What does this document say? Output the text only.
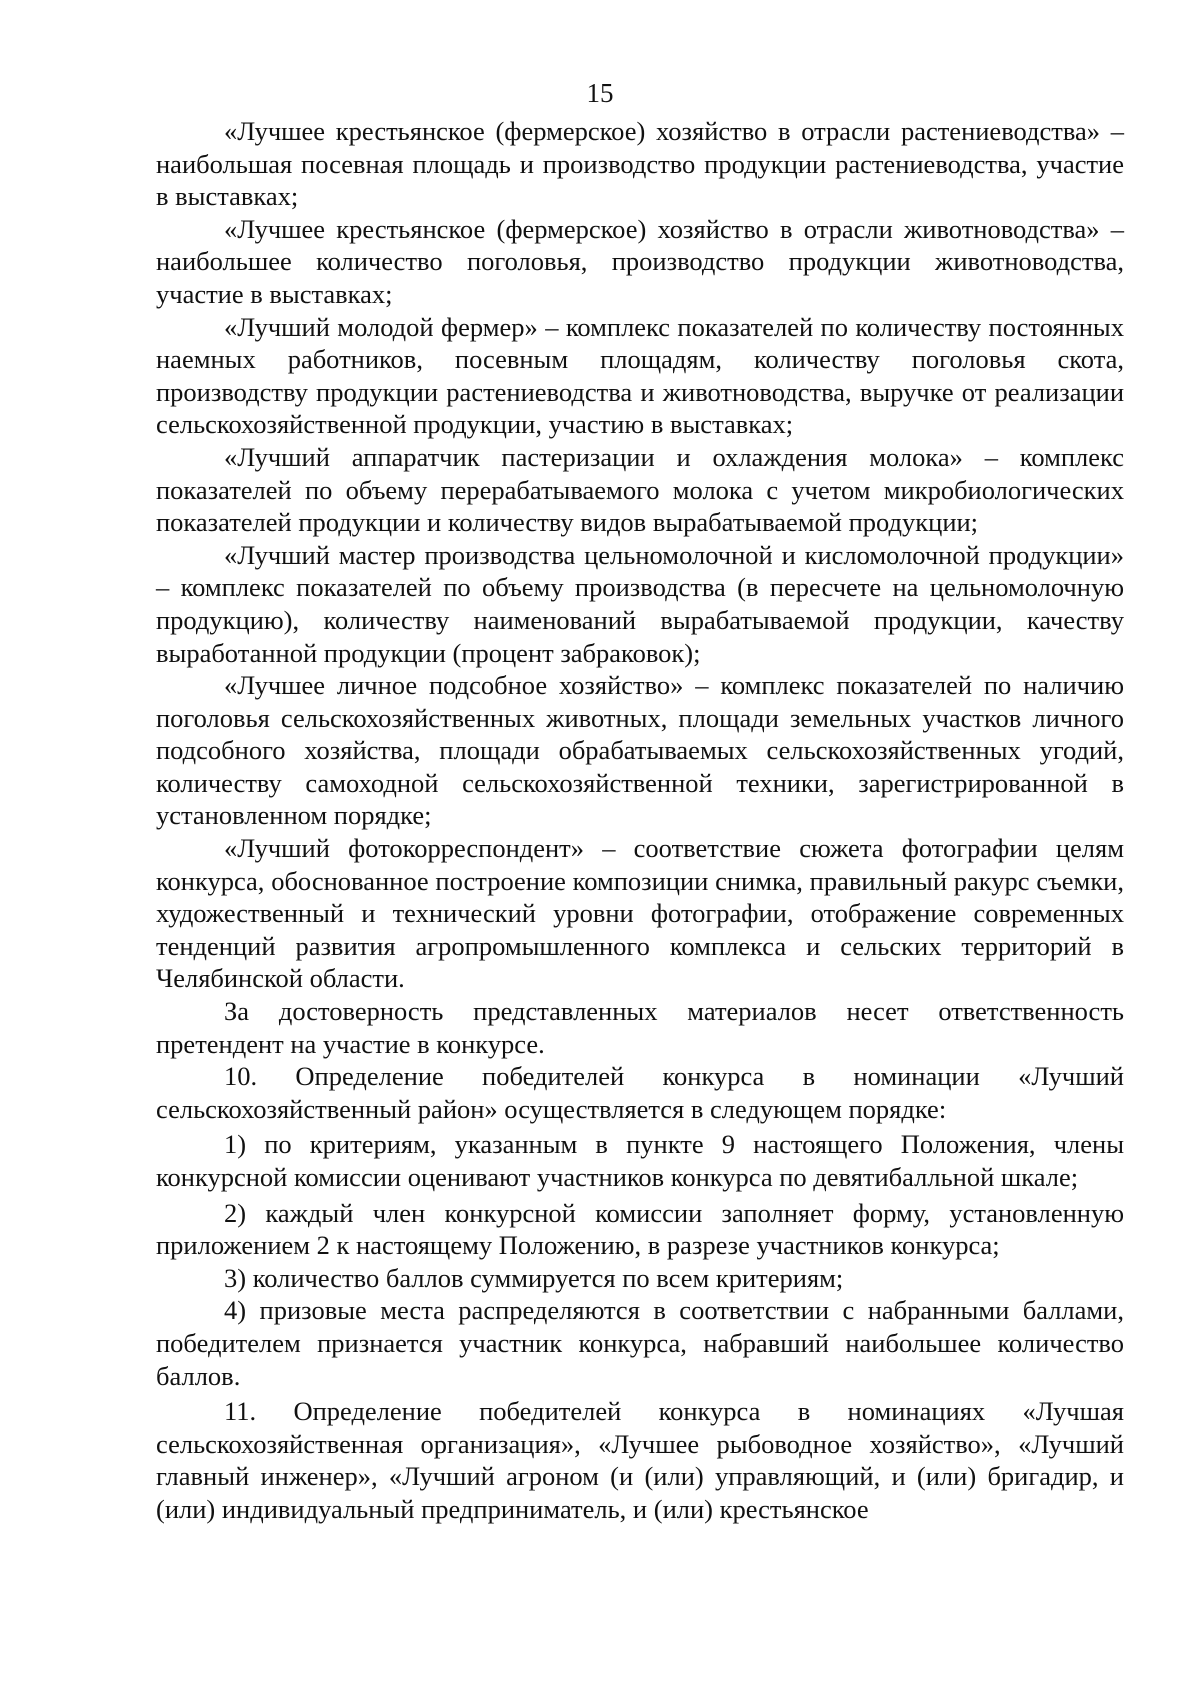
15

«Лучшее крестьянское (фермерское) хозяйство в отрасли растениеводства» – наибольшая посевная площадь и производство продукции растениеводства, участие в выставках;

«Лучшее крестьянское (фермерское) хозяйство в отрасли животноводства» – наибольшее количество поголовья, производство продукции животноводства, участие в выставках;

«Лучший молодой фермер» – комплекс показателей по количеству постоянных наемных работников, посевным площадям, количеству поголовья скота, производству продукции растениеводства и животноводства, выручке от реализации сельскохозяйственной продукции, участию в выставках;

«Лучший аппаратчик пастеризации и охлаждения молока» – комплекс показателей по объему перерабатываемого молока с учетом микробиологических показателей продукции и количеству видов вырабатываемой продукции;

«Лучший мастер производства цельномолочной и кисломолочной продукции» – комплекс показателей по объему производства (в пересчете на цельномолочную продукцию), количеству наименований вырабатываемой продукции, качеству выработанной продукции (процент забраковок);

«Лучшее личное подсобное хозяйство» – комплекс показателей по наличию поголовья сельскохозяйственных животных, площади земельных участков личного подсобного хозяйства, площади обрабатываемых сельскохозяйственных угодий, количеству самоходной сельскохозяйственной техники, зарегистрированной в установленном порядке;

«Лучший фотокорреспондент» – соответствие сюжета фотографии целям конкурса, обоснованное построение композиции снимка, правильный ракурс съемки, художественный и технический уровни фотографии, отображение современных тенденций развития агропромышленного комплекса и сельских территорий в Челябинской области.

За достоверность представленных материалов несет ответственность претендент на участие в конкурсе.

10. Определение победителей конкурса в номинации «Лучший сельскохозяйственный район» осуществляется в следующем порядке:

1) по критериям, указанным в пункте 9 настоящего Положения, члены конкурсной комиссии оценивают участников конкурса по девятибалльной шкале;

2) каждый член конкурсной комиссии заполняет форму, установленную приложением 2 к настоящему Положению, в разрезе участников конкурса;

3) количество баллов суммируется по всем критериям;

4) призовые места распределяются в соответствии с набранными баллами, победителем признается участник конкурса, набравший наибольшее количество баллов.

11. Определение победителей конкурса в номинациях «Лучшая сельскохозяйственная организация», «Лучшее рыбоводное хозяйство», «Лучший главный инженер», «Лучший агроном (и (или) управляющий, и (или) бригадир, и (или) индивидуальный предприниматель, и (или) крестьянское
